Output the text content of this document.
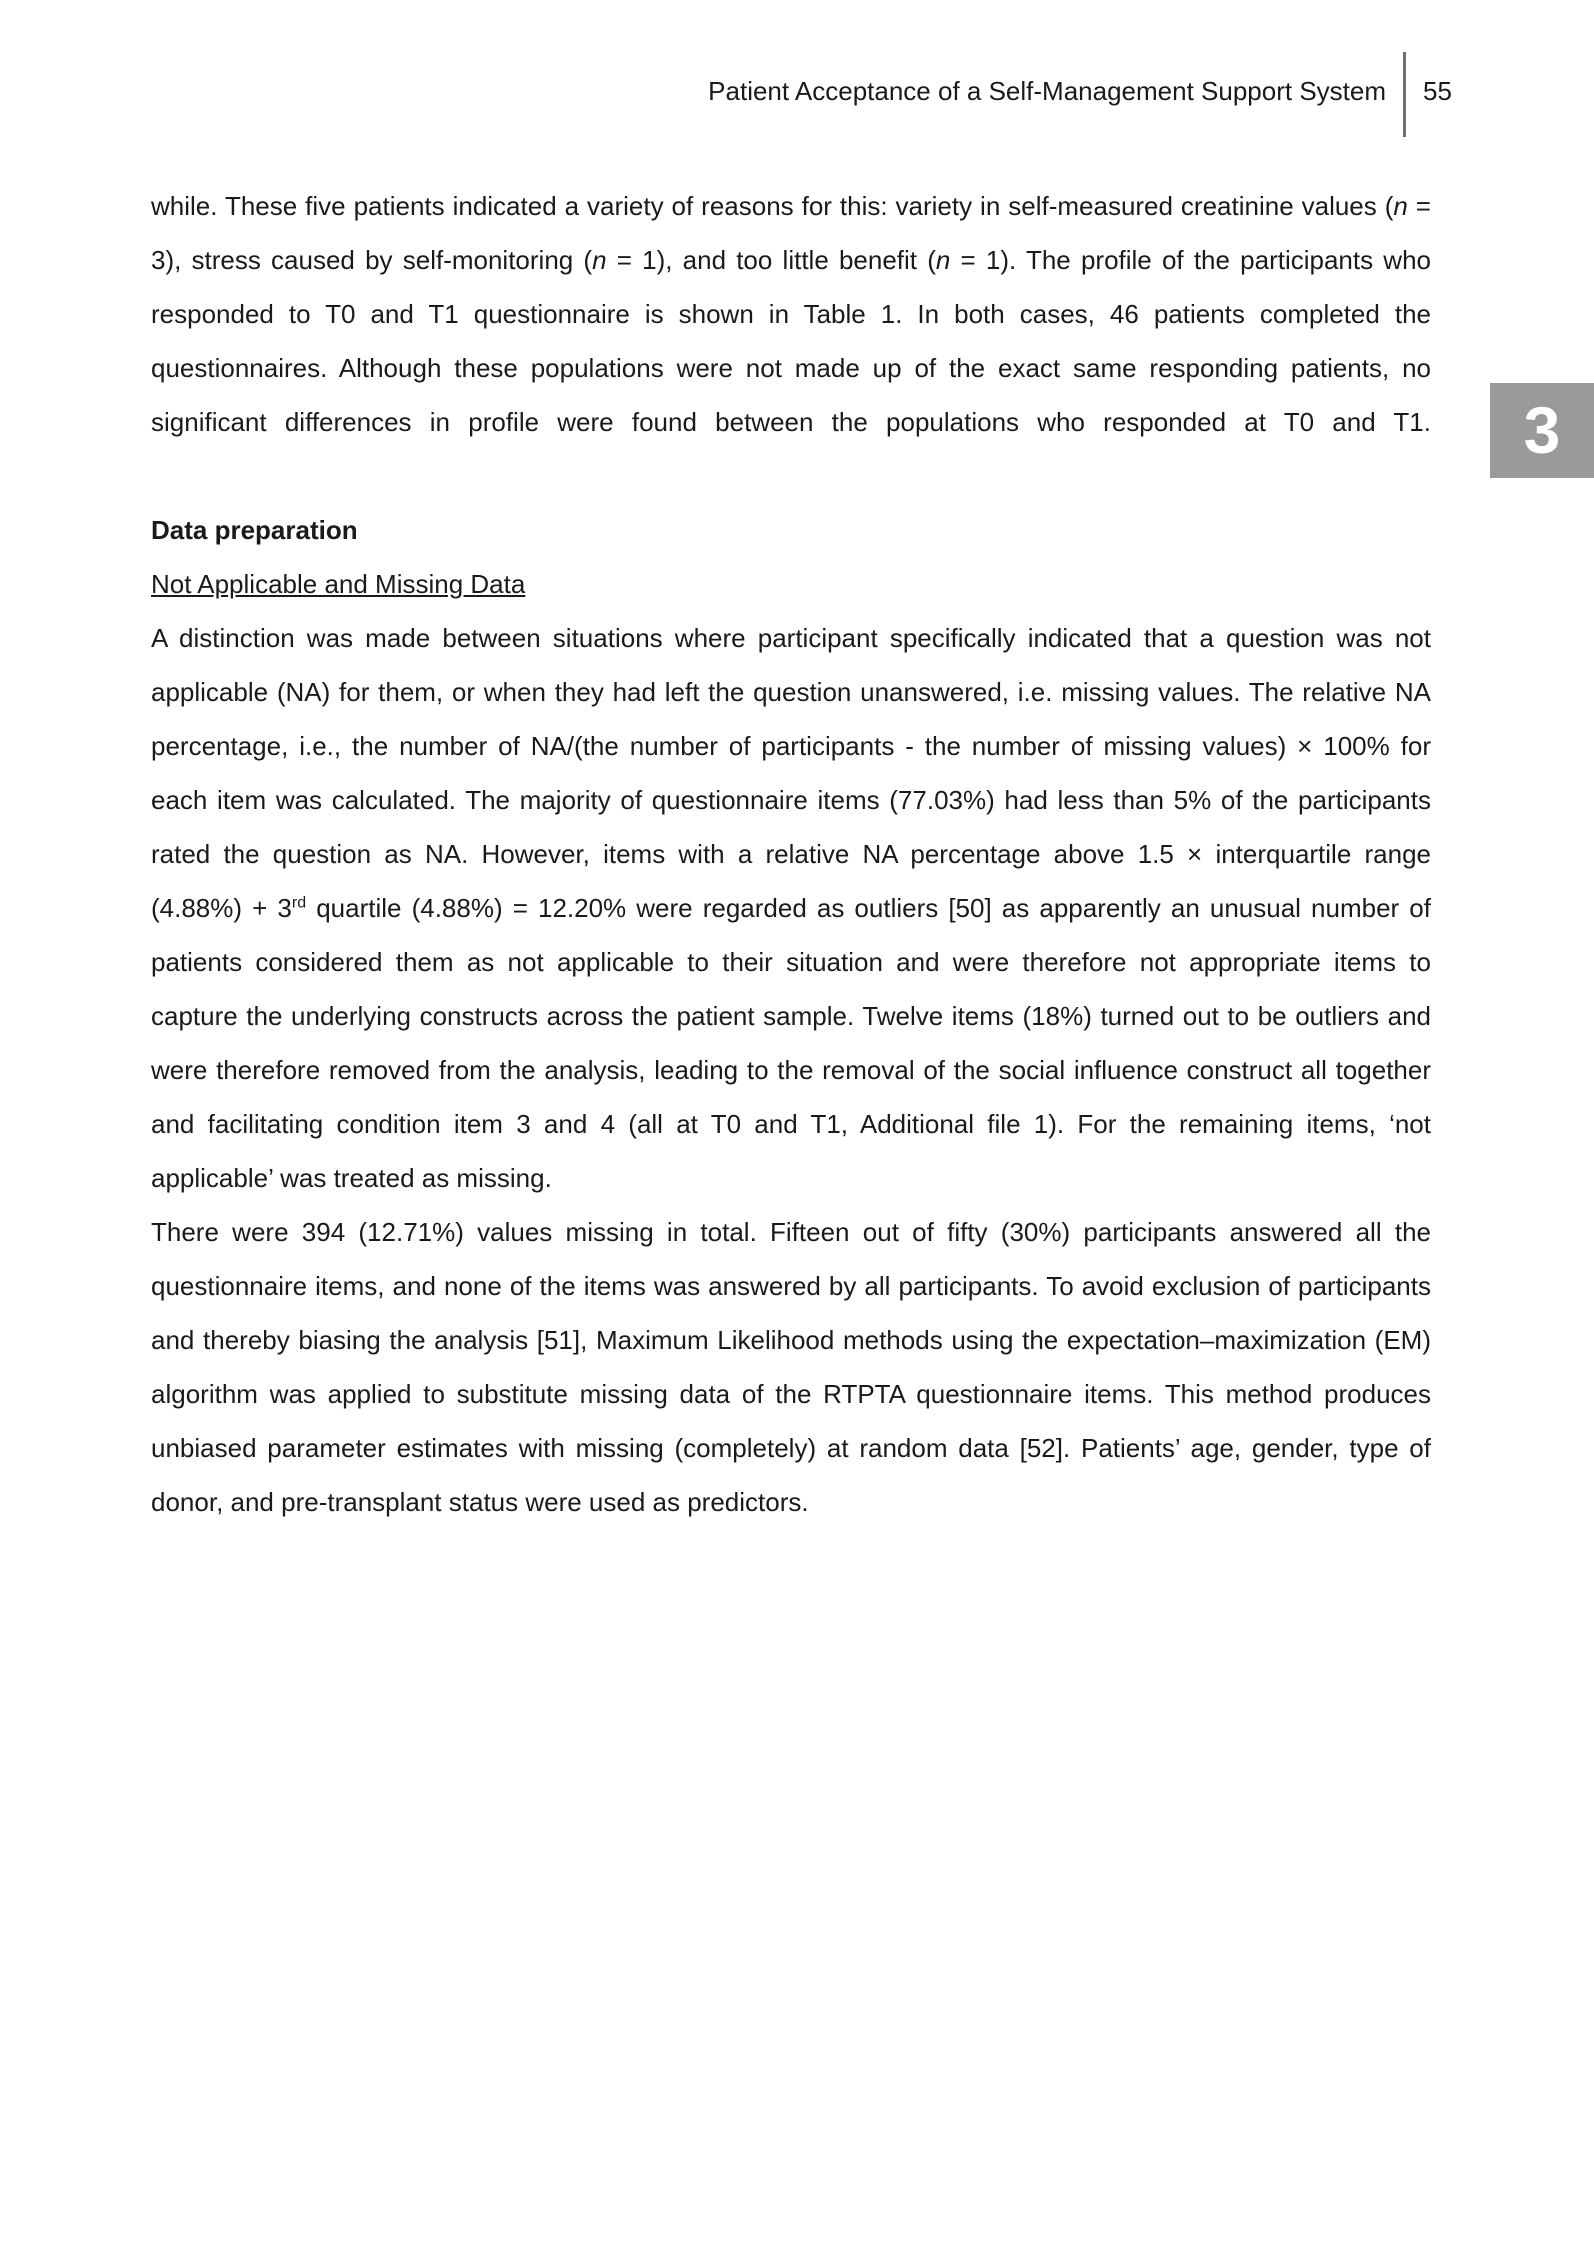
Patient Acceptance of a Self-Management Support System 55
3

while. These five patients indicated a variety of reasons for this: variety in self-measured creatinine values (n = 3), stress caused by self-monitoring (n = 1), and too little benefit (n = 1). The profile of the participants who responded to T0 and T1 questionnaire is shown in Table 1. In both cases, 46 patients completed the questionnaires. Although these populations were not made up of the exact same responding patients, no significant differences in profile were found between the populations who responded at T0 and T1.

Data preparation

Not Applicable and Missing Data

A distinction was made between situations where participant specifically indicated that a question was not applicable (NA) for them, or when they had left the question unanswered, i.e. missing values. The relative NA percentage, i.e., the number of NA/(the number of participants - the number of missing values) × 100% for each item was calculated. The majority of questionnaire items (77.03%) had less than 5% of the participants rated the question as NA. However, items with a relative NA percentage above 1.5 × interquartile range (4.88%) + 3rd quartile (4.88%) = 12.20% were regarded as outliers [50] as apparently an unusual number of patients considered them as not applicable to their situation and were therefore not appropriate items to capture the underlying constructs across the patient sample. Twelve items (18%) turned out to be outliers and were therefore removed from the analysis, leading to the removal of the social influence construct all together and facilitating condition item 3 and 4 (all at T0 and T1, Additional file 1). For the remaining items, ‘not applicable’ was treated as missing.

There were 394 (12.71%) values missing in total. Fifteen out of fifty (30%) participants answered all the questionnaire items, and none of the items was answered by all participants. To avoid exclusion of participants and thereby biasing the analysis [51], Maximum Likelihood methods using the expectation–maximization (EM) algorithm was applied to substitute missing data of the RTPTA questionnaire items. This method produces unbiased parameter estimates with missing (completely) at random data [52]. Patients’ age, gender, type of donor, and pre-transplant status were used as predictors.
